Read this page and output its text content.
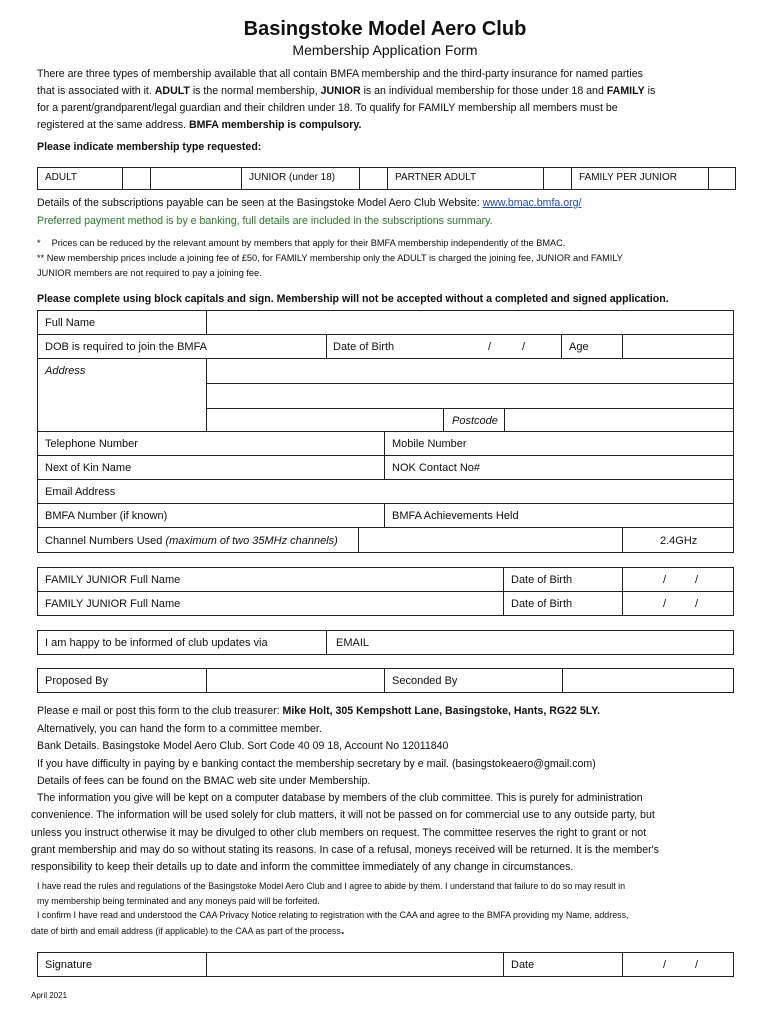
Basingstoke Model Aero Club
Membership Application Form
There are three types of membership available that all contain BMFA membership and the third-party insurance for named parties
that is associated with it. ADULT is the normal membership, JUNIOR is an individual membership for those under 18 and FAMILY is
for a parent/grandparent/legal guardian and their children under 18. To qualify for FAMILY membership all members must be
registered at the same address. BMFA membership is compulsory.
Please indicate membership type requested:
ADULT	JUNIOR (under 18)	PARTNER ADULT	FAMILY PER JUNIOR
Details of the subscriptions payable can be seen at the Basingstoke Model Aero Club Website: www.bmac.bmfa.org/
Preferred payment method is by e banking, full details are included in the subscriptions summary.
* Prices can be reduced by the relevant amount by members that apply for their BMFA membership independently of the BMAC.
** New membership prices include a joining fee of £50, for FAMILY membership only the ADULT is charged the joining fee, JUNIOR and FAMILY
JUNIOR members are not required to pay a joining fee.
Please complete using block capitals and sign. Membership will not be accepted without a completed and signed application.
Full Name
DOB is required to join the BMFA	Date of Birth	/	/	Age
Address
Postcode
Telephone Number	Mobile Number
Next of Kin Name	NOK Contact No#
Email Address
BMFA Number (if known)	BMFA Achievements Held
Channel Numbers Used (maximum of two 35MHz channels)	2.4GHz
FAMILY JUNIOR Full Name	Date of Birth	/	/
FAMILY JUNIOR Full Name	Date of Birth	/	/
I am happy to be informed of club updates via	EMAIL
Proposed By	Seconded By
Please e mail or post this form to the club treasurer: Mike Holt, 305 Kempshott Lane, Basingstoke, Hants, RG22 5LY.
Alternatively, you can hand the form to a committee member.
Bank Details. Basingstoke Model Aero Club. Sort Code 40 09 18, Account No 12011840
If you have difficulty in paying by e banking contact the membership secretary by e mail. (basingstokeaero@gmail.com)
Details of fees can be found on the BMAC web site under Membership.
The information you give will be kept on a computer database by members of the club committee. This is purely for administration
convenience. The information will be used solely for club matters, it will not be passed on for commercial use to any outside party, but
unless you instruct otherwise it may be divulged to other club members on request. The committee reserves the right to grant or not
grant membership and may do so without stating its reasons. In case of a refusal, moneys received will be returned. It is the member's
responsibility to keep their details up to date and inform the committee immediately of any change in circumstances.
I have read the rules and regulations of the Basingstoke Model Aero Club and I agree to abide by them. I understand that failure to do so may result in
my membership being terminated and any moneys paid will be forfeited.
I confirm I have read and understood the CAA Privacy Notice relating to registration with the CAA and agree to the BMFA providing my Name, address,
date of birth and email address (if applicable) to the CAA as part of the process.
Signature	Date	/	/
April 2021
